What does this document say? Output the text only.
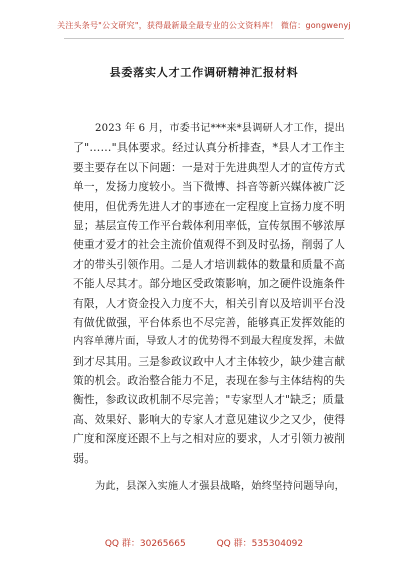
关注头条号"公文研究"，获得最新最全最专业的公文资料库！ 微信：gongwenyj
县委落实人才工作调研精神汇报材料
2023 年 6 月，市委书记***来*县调研人才工作，提出
了"……"具体要求。经过认真分析排查，*县人才工作主
要主要存在以下问题：一是对于先进典型人才的宣传方式
单一，发扬力度较小。当下微博、抖音等新兴媒体被广泛
使用，但优秀先进人才的事迹在一定程度上宣扬力度不明
显；基层宣传工作平台载体利用率低，宣传氛围不够浓厚
使重才爱才的社会主流价值观得不到及时弘扬，削弱了人
才的带头引领作用。二是人才培训载体的数量和质量不高
不能人尽其才。部分地区受政策影响，加之硬件设施条件
有限，人才资金投入力度不大，相关引育以及培训平台没
有做优做强，平台体系也不尽完善，能够真正发挥效能的
内容单薄片面，导致人才的优势得不到最大程度发挥，未做
到才尽其用。三是参政议政中人才主体较少，缺少建言献
策的机会。政治整合能力不足，表现在参与主体结构的失
衡性，参政议政机制不尽完善；"专家型人才"缺乏；质量
高、效果好、影响大的专家人才意见建议少之又少，使得
广度和深度还跟不上与之相对应的要求，人才引领力被削
弱。
为此，县深入实施人才强县战略，始终坚持问题导向，
QQ 群：30265665	QQ 群：535304092
